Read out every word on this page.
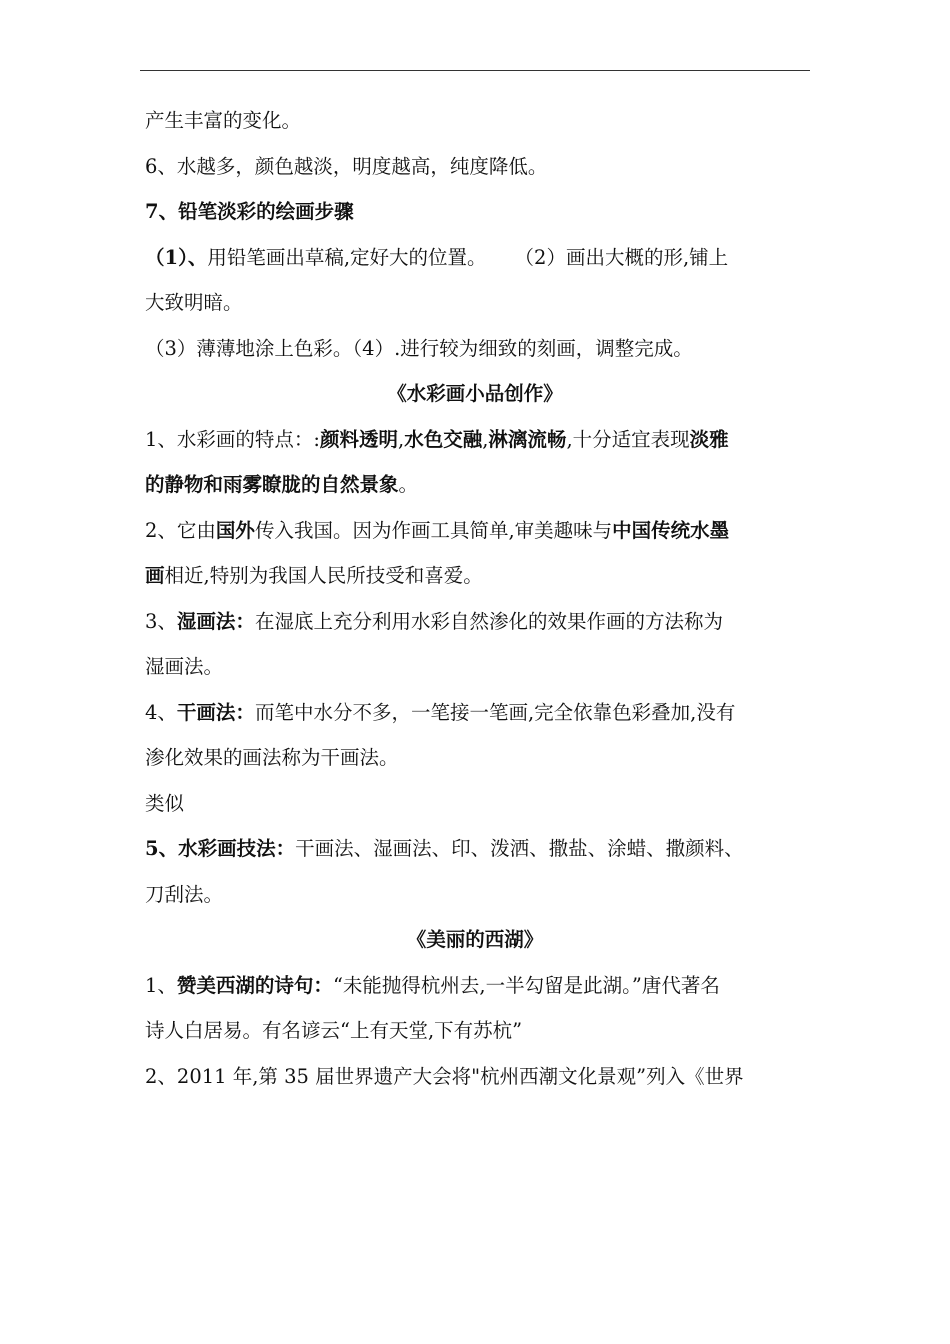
产生丰富的变化。
6、水越多，颜色越淡，明度越高，纯度降低。
7、铅笔淡彩的绘画步骤
（1）、用铅笔画出草稿,定好大的位置。 （2）画出大概的形,铺上
大致明暗。
（3）薄薄地涂上色彩。（4）.进行较为细致的刻画，调整完成。
《水彩画小品创作》
1、水彩画的特点：:颜料透明,水色交融,淋漓流畅,十分适宜表现淡雅
的静物和雨雾瞭胧的自然景象。
2、它由国外传入我国。因为作画工具简单,审美趣味与中国传统水墨
画相近,特别为我国人民所技受和喜爱。
3、湿画法：在湿底上充分利用水彩自然渗化的效果作画的方法称为
湿画法。
4、干画法：而笔中水分不多，一笔接一笔画,完全依靠色彩叠加,没有
渗化效果的画法称为干画法。
类似
5、水彩画技法：干画法、湿画法、印、泼洒、撒盐、涂蜡、撒颜料、
刀刮法。
《美丽的西湖》
1、赞美西湖的诗句：“未能抛得杭州去,一半勾留是此湖。”唐代著名
诗人白居易。有名谚云“上有天堂,下有苏杭”
2、2011 年,第 35 届世界遗产大会将"杭州西潮文化景观”列入《世界
